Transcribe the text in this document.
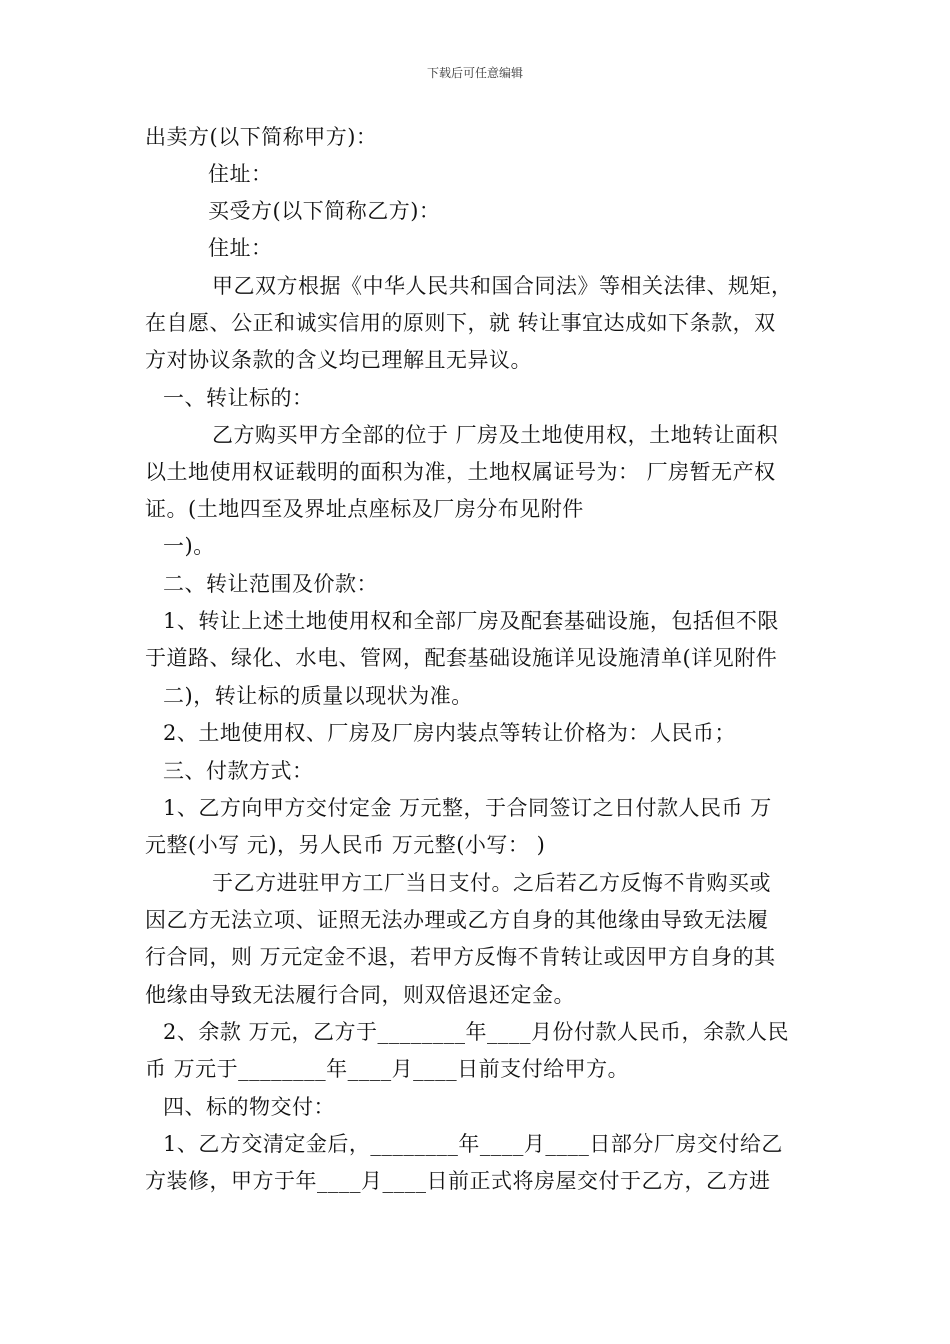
下载后可任意编辑
出卖方(以下简称甲方)：
住址：
买受方(以下简称乙方)：
住址：
甲乙双方根据《中华人民共和国合同法》等相关法律、规矩，
在自愿、公正和诚实信用的原则下，就 转让事宜达成如下条款，双
方对协议条款的含义均已理解且无异议。
一、转让标的：
乙方购买甲方全部的位于 厂房及土地使用权，土地转让面积
以土地使用权证载明的面积为准，土地权属证号为： 厂房暂无产权
证。(土地四至及界址点座标及厂房分布见附件
一)。
二、转让范围及价款：
1、转让上述土地使用权和全部厂房及配套基础设施，包括但不限
于道路、绿化、水电、管网，配套基础设施详见设施清单(详见附件
二)，转让标的质量以现状为准。
2、土地使用权、厂房及厂房内装点等转让价格为：人民币；
三、付款方式：
1、乙方向甲方交付定金 万元整，于合同签订之日付款人民币 万
元整(小写 元)，另人民币 万元整(小写： )
于乙方进驻甲方工厂当日支付。之后若乙方反悔不肯购买或
因乙方无法立项、证照无法办理或乙方自身的其他缘由导致无法履
行合同，则 万元定金不退，若甲方反悔不肯转让或因甲方自身的其
他缘由导致无法履行合同，则双倍退还定金。
2、余款 万元，乙方于________年____月份付款人民币，余款人民
币 万元于________年____月____日前支付给甲方。
四、标的物交付：
1、乙方交清定金后，________年____月____日部分厂房交付给乙
方装修，甲方于年____月____日前正式将房屋交付于乙方，乙方进
